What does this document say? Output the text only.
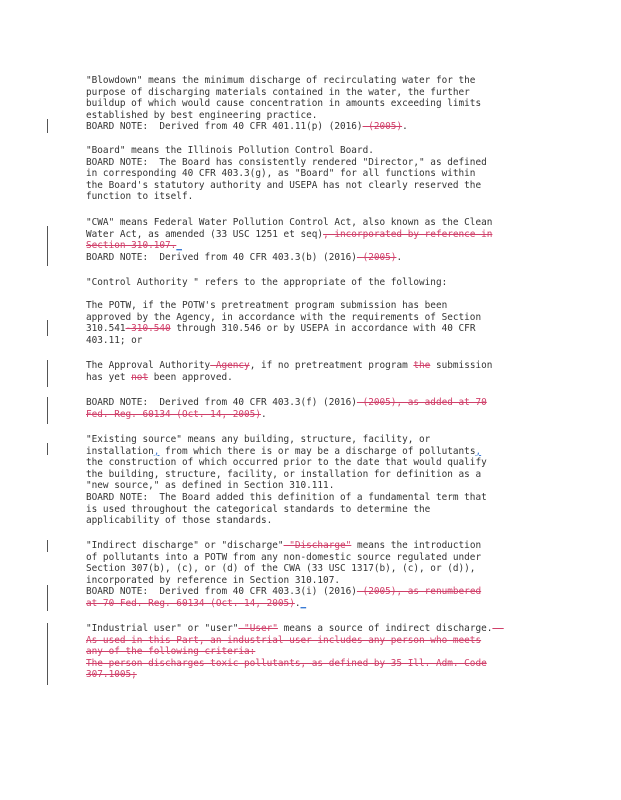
"Blowdown" means the minimum discharge of recirculating water for the
purpose of discharging materials contained in the water, the further
buildup of which would cause concentration in amounts exceeding limits
established by best engineering practice.
BOARD NOTE:  Derived from 40 CFR 401.11(p) (2016) (2005).
"Board" means the Illinois Pollution Control Board.
BOARD NOTE:  The Board has consistently rendered "Director," as defined
in corresponding 40 CFR 403.3(g), as "Board" for all functions within
the Board's statutory authority and USEPA has not clearly reserved the
function to itself.
"CWA" means Federal Water Pollution Control Act, also known as the Clean
Water Act, as amended (33 USC 1251 et seq), incorporated by reference in
Section 310.107._
BOARD NOTE:  Derived from 40 CFR 403.3(b) (2016) (2005).
"Control Authority " refers to the appropriate of the following:
The POTW, if the POTW's pretreatment program submission has been
approved by the Agency, in accordance with the requirements of Section
310.541-310.540 through 310.546 or by USEPA in accordance with 40 CFR
403.11; or
The Approval Authority Agency, if no pretreatment program the submission
has yet not been approved.
BOARD NOTE:  Derived from 40 CFR 403.3(f) (2016) (2005), as added at 70
Fed. Reg. 60134 (Oct. 14, 2005).
"Existing source" means any building, structure, facility, or
installation, from which there is or may be a discharge of pollutants,
the construction of which occurred prior to the date that would qualify
the building, structure, facility, or installation for definition as a
"new source," as defined in Section 310.111.
BOARD NOTE:  The Board added this definition of a fundamental term that
is used throughout the categorical standards to determine the
applicability of those standards.
"Indirect discharge" or "discharge" "Discharge" means the introduction
of pollutants into a POTW from any non-domestic source regulated under
Section 307(b), (c), or (d) of the CWA (33 USC 1317(b), (c), or (d)),
incorporated by reference in Section 310.107.
BOARD NOTE:  Derived from 40 CFR 403.3(i) (2016) (2005), as renumbered
at 70 Fed. Reg. 60134 (Oct. 14, 2005)._
"Industrial user" or "user" "User" means a source of indirect discharge.
As used in this Part, an industrial user includes any person who meets
any of the following criteria:
The person discharges toxic pollutants, as defined by 35 Ill. Adm. Code
307.1005;
